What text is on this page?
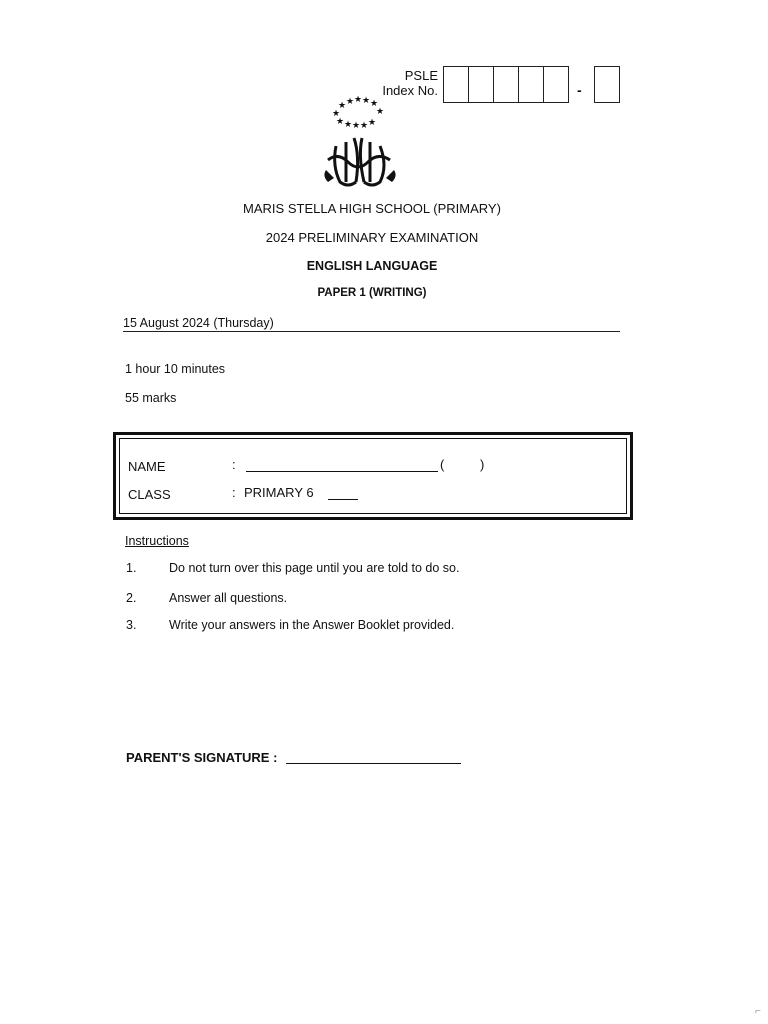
PSLE
Index No.	-
★ ★ ★ ★ ★
★	★
★ ★ ★ ★ ★
MARIS STELLA HIGH SCHOOL (PRIMARY)
2024 PRELIMINARY EXAMINATION
ENGLISH LANGUAGE
PAPER 1 (WRITING)
15 August 2024 (Thursday)
1 hour 10 minutes
55 marks
NAME	:	(	)
CLASS	: PRIMARY 6
Instructions
1.	Do not turn over this page until you are told to do so.
2.	Answer all questions.
3.	Write your answers in the Answer Booklet provided.
PARENT'S SIGNATURE :
⌐
